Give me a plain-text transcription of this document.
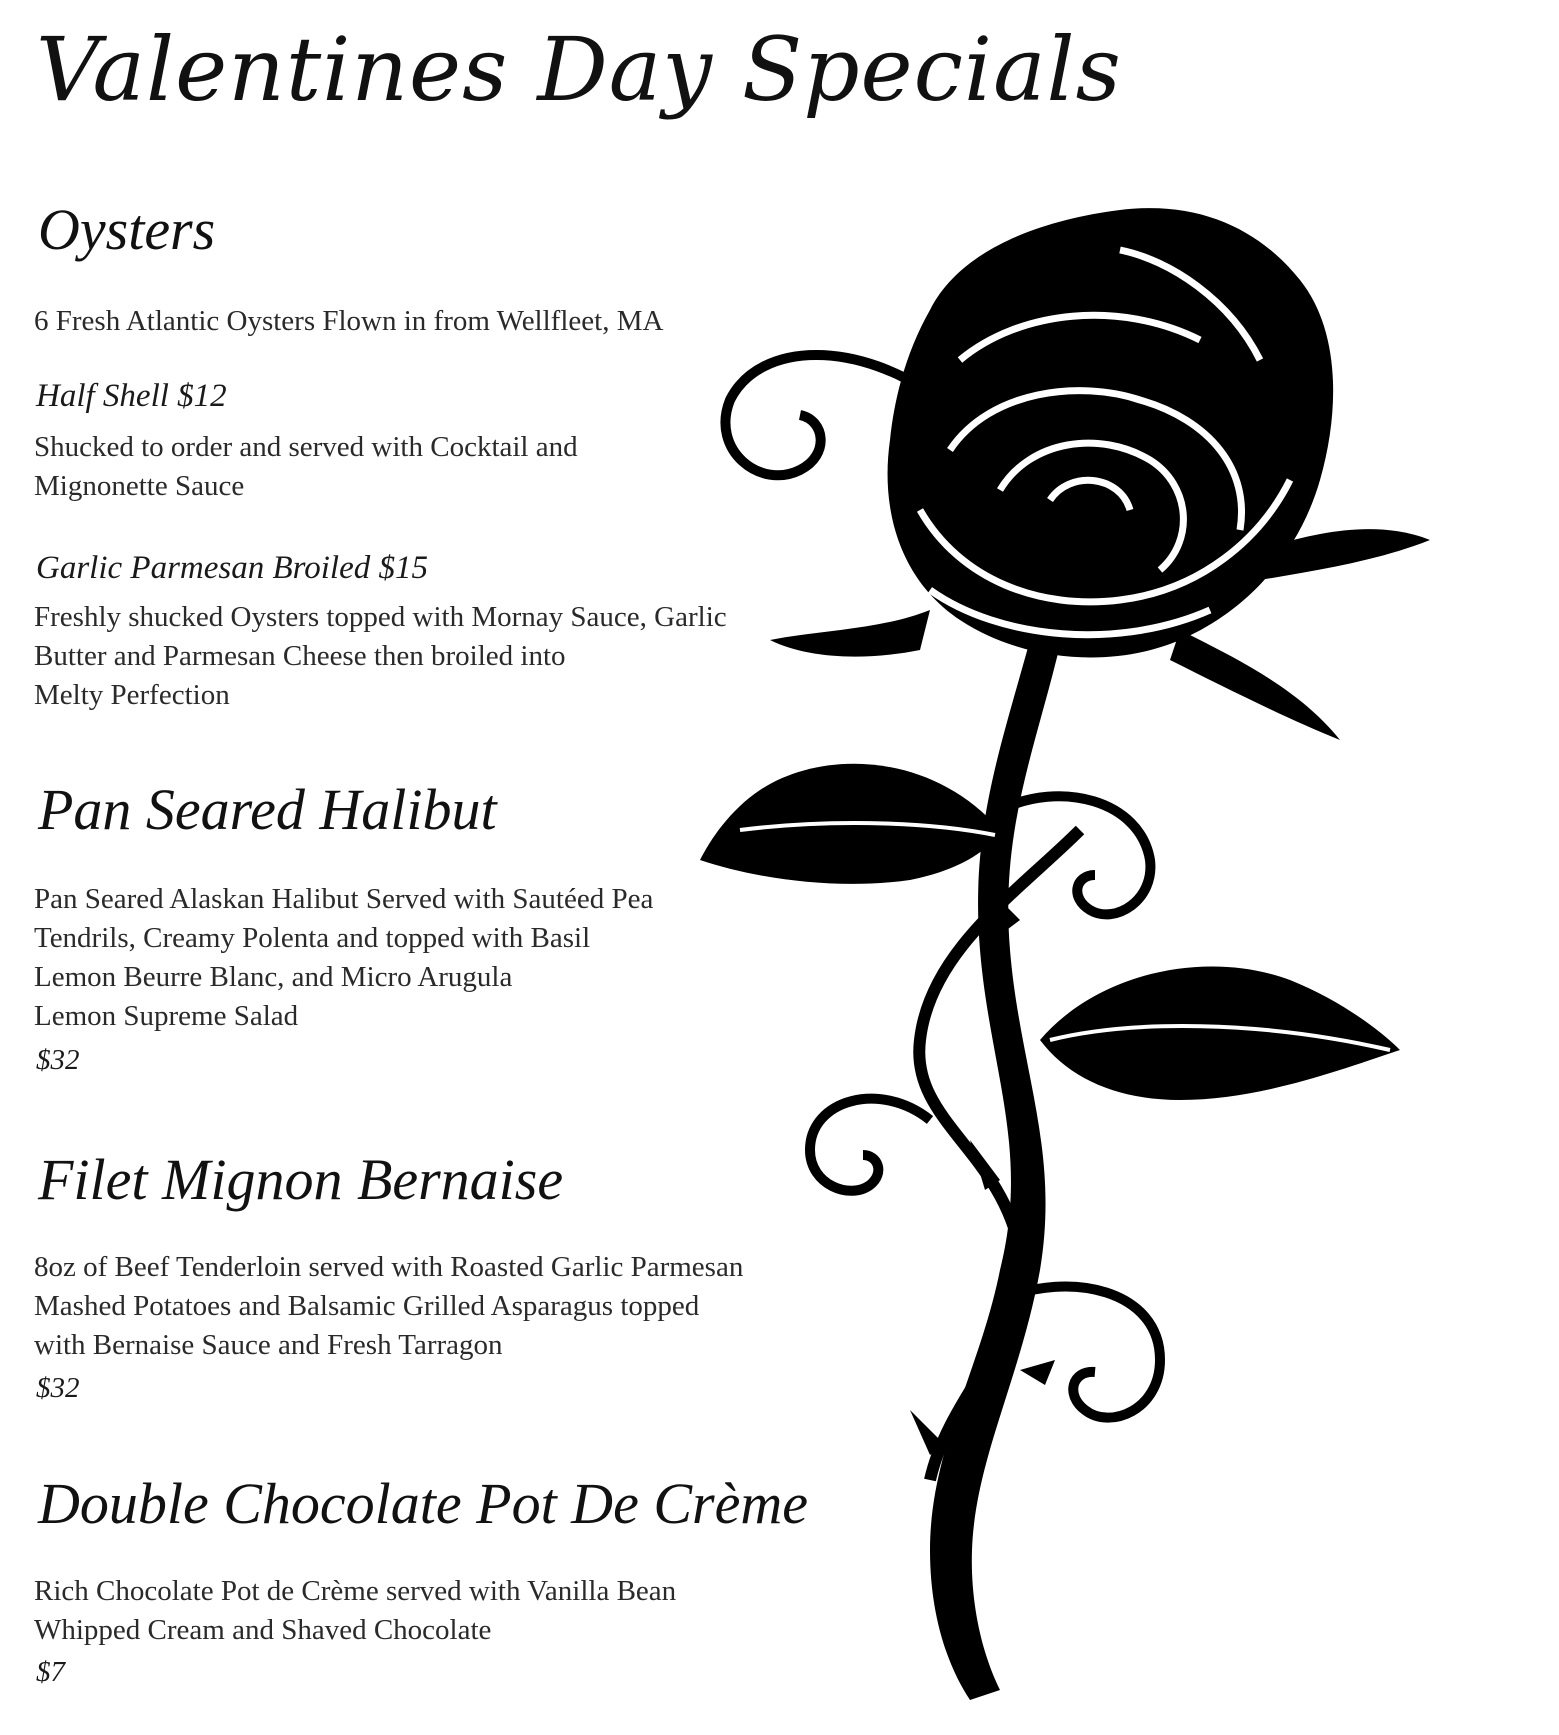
Valentines Day Specials
Oysters

6 Fresh Atlantic Oysters Flown in from Wellfleet, MA

Half Shell $12

Shucked to order and served with Cocktail and
Mignonette Sauce

Garlic Parmesan Broiled $15

Freshly shucked Oysters topped with Mornay Sauce, Garlic
Butter and Parmesan Cheese then broiled into
Melty Perfection

Pan Seared Halibut

Pan Seared Alaskan Halibut Served with Sautéed Pea
Tendrils, Creamy Polenta and topped with Basil
Lemon Beurre Blanc, and Micro Arugula
Lemon Supreme Salad

$32

Filet Mignon Bernaise

8oz of Beef Tenderloin served with Roasted Garlic Parmesan
Mashed Potatoes and Balsamic Grilled Asparagus topped
with Bernaise Sauce and Fresh Tarragon

$32

Double Chocolate Pot De Crème

Rich Chocolate Pot de Crème served with Vanilla Bean
Whipped Cream and Shaved Chocolate

$7
